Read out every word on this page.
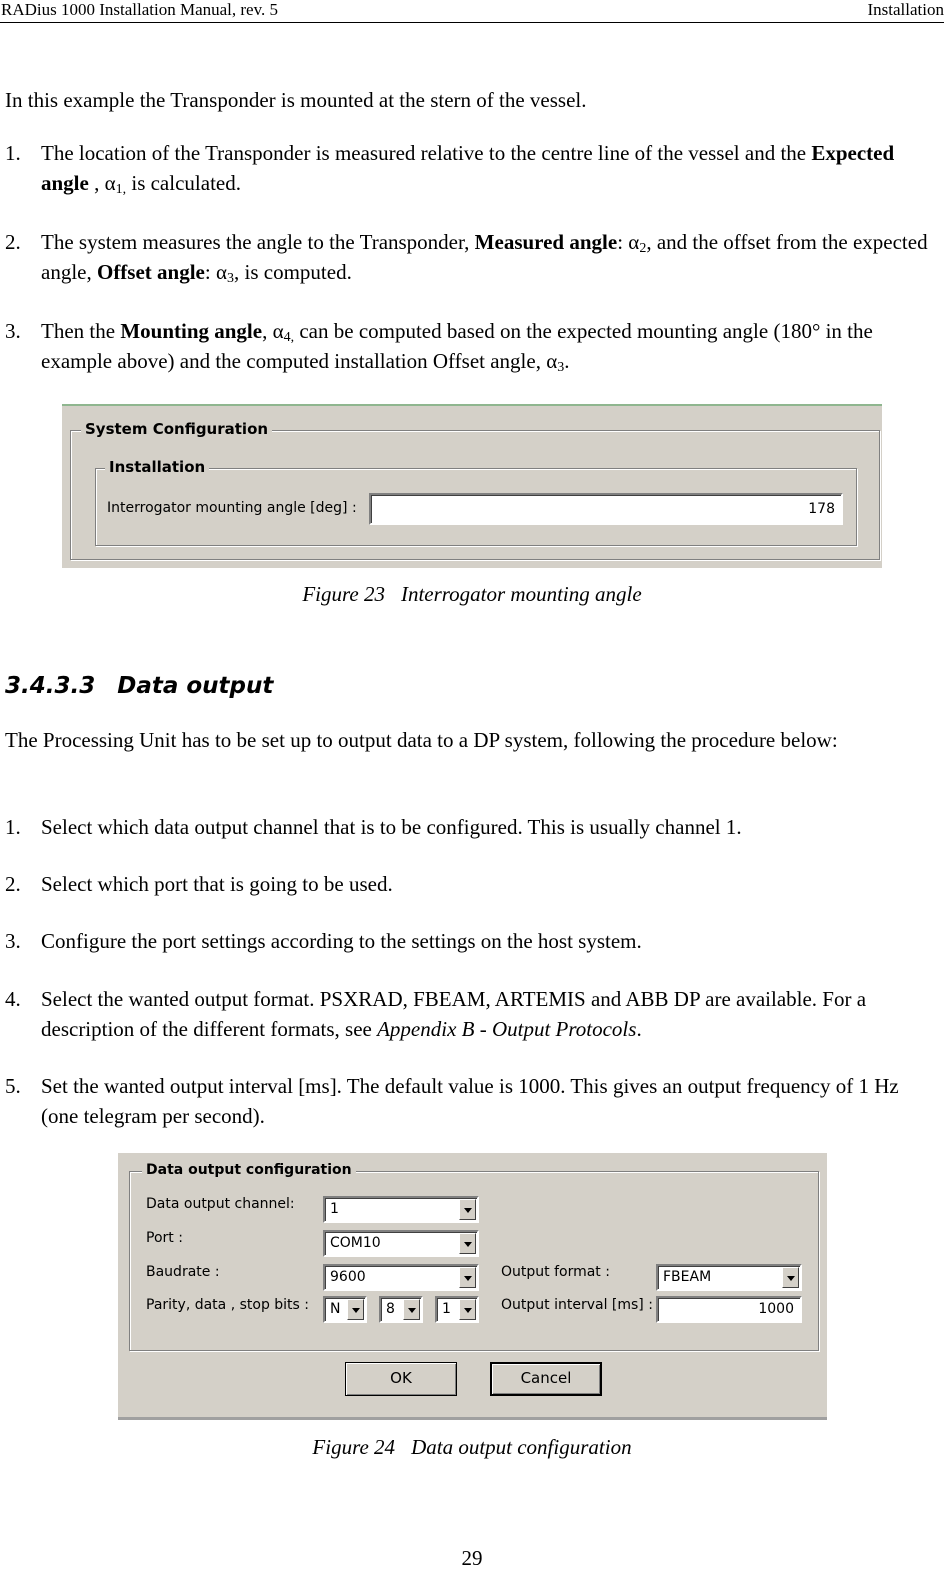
RADius 1000 Installation Manual, rev. 5	Installation

In this example the Transponder is mounted at the stern of the vessel.

1. The location of the Transponder is measured relative to the centre line of the vessel and the Expected angle , $\alpha_{1,}$ is calculated.
2. The system measures the angle to the Transponder, Measured angle: $\alpha_2$, and the offset from the expected angle, Offset angle: $\alpha_3$, is computed.
3. Then the Mounting angle, $\alpha_{4,}$ can be computed based on the expected mounting angle (180° in the example above) and the computed installation Offset angle, $\alpha_3$.
System Configuration
Installation
Interrogator mounting angle [deg] :	178
Figure 23 Interrogator mounting angle
3.4.3.3 Data output

The Processing Unit has to be set up to output data to a DP system, following the procedure below:

1. Select which data output channel that is to be configured. This is usually channel 1.
2. Select which port that is going to be used.
3. Configure the port settings according to the settings on the host system.
4. Select the wanted output format. PSXRAD, FBEAM, ARTEMIS and ABB DP are available. For a description of the different formats, see Appendix B - Output Protocols.
5. Set the wanted output interval [ms]. The default value is 1000. This gives an output frequency of 1 Hz (one telegram per second).
Data output configuration
Data output channel:	1
Port :	COM10
Baudrate :	9600
Parity, data , stop bits : N	8	1
Output format :	FBEAM
Output interval [ms] :	1000
OK	Cancel
Figure 24 Data output configuration
29
